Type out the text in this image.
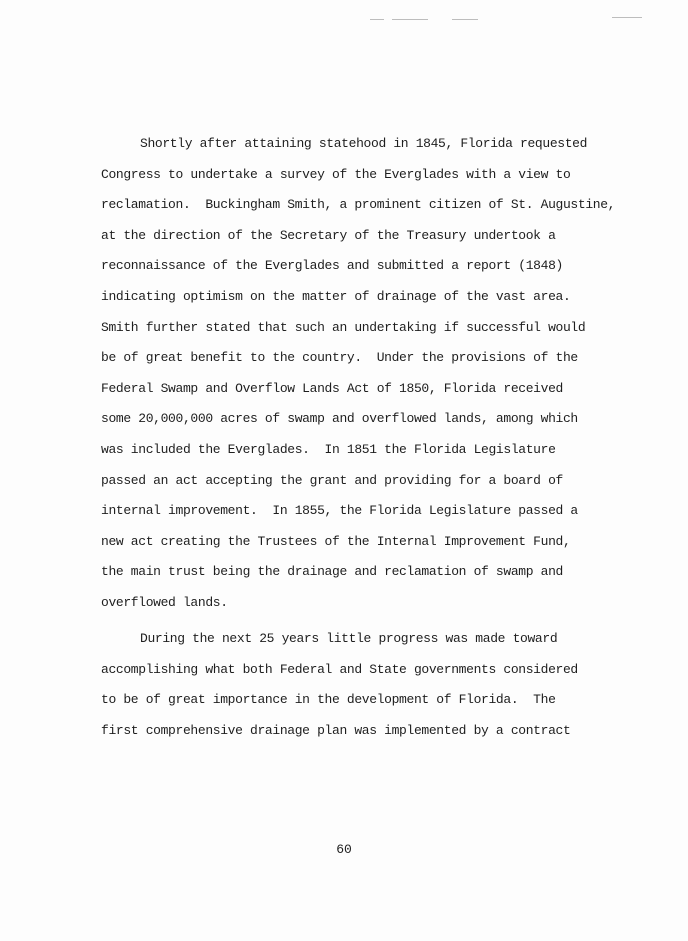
Shortly after attaining statehood in 1845, Florida requested
Congress to undertake a survey of the Everglades with a view to
reclamation.  Buckingham Smith, a prominent citizen of St. Augustine,
at the direction of the Secretary of the Treasury undertook a
reconnaissance of the Everglades and submitted a report (1848)
indicating optimism on the matter of drainage of the vast area.
Smith further stated that such an undertaking if successful would
be of great benefit to the country.  Under the provisions of the
Federal Swamp and Overflow Lands Act of 1850, Florida received
some 20,000,000 acres of swamp and overflowed lands, among which
was included the Everglades.  In 1851 the Florida Legislature
passed an act accepting the grant and providing for a board of
internal improvement.  In 1855, the Florida Legislature passed a
new act creating the Trustees of the Internal Improvement Fund,
the main trust being the drainage and reclamation of swamp and
overflowed lands.
During the next 25 years little progress was made toward
accomplishing what both Federal and State governments considered
to be of great importance in the development of Florida.  The
first comprehensive drainage plan was implemented by a contract
60
